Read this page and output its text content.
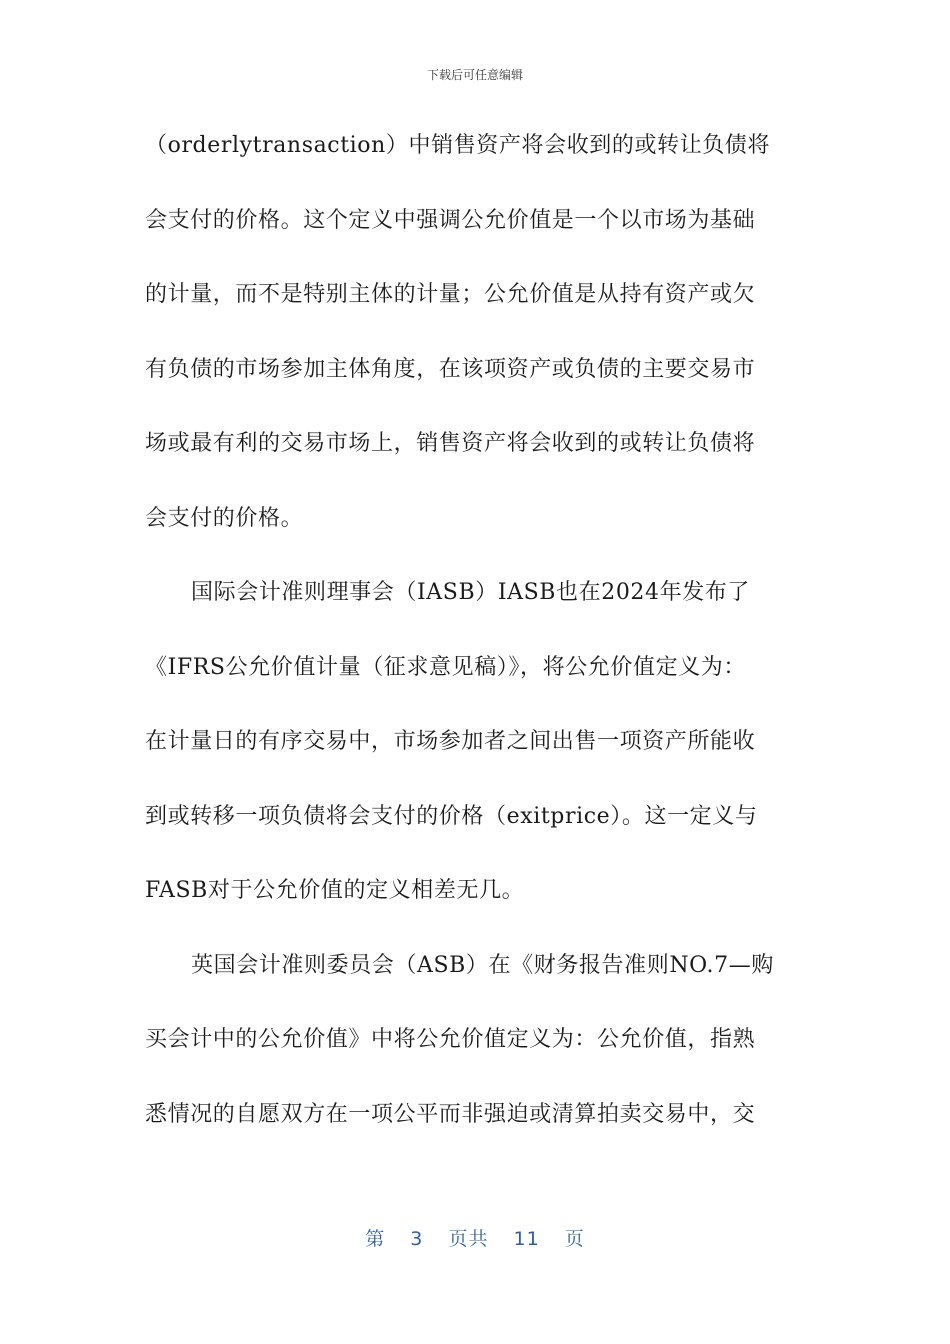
下载后可任意编辑
（orderlytransaction）中销售资产将会收到的或转让负债将
会支付的价格。这个定义中强调公允价值是一个以市场为基础
的计量，而不是特别主体的计量；公允价值是从持有资产或欠
有负债的市场参加主体角度，在该项资产或负债的主要交易市
场或最有利的交易市场上，销售资产将会收到的或转让负债将
会支付的价格。
国际会计准则理事会（IASB）IASB也在2024年发布了
《IFRS公允价值计量（征求意见稿）》，将公允价值定义为：
在计量日的有序交易中，市场参加者之间出售一项资产所能收
到或转移一项负债将会支付的价格（exitprice）。这一定义与
FASB对于公允价值的定义相差无几。
英国会计准则委员会（ASB）在《财务报告准则NO.7—购
买会计中的公允价值》中将公允价值定义为：公允价值，指熟
悉情况的自愿双方在一项公平而非强迫或清算拍卖交易中，交
第 3 页共 11 页
